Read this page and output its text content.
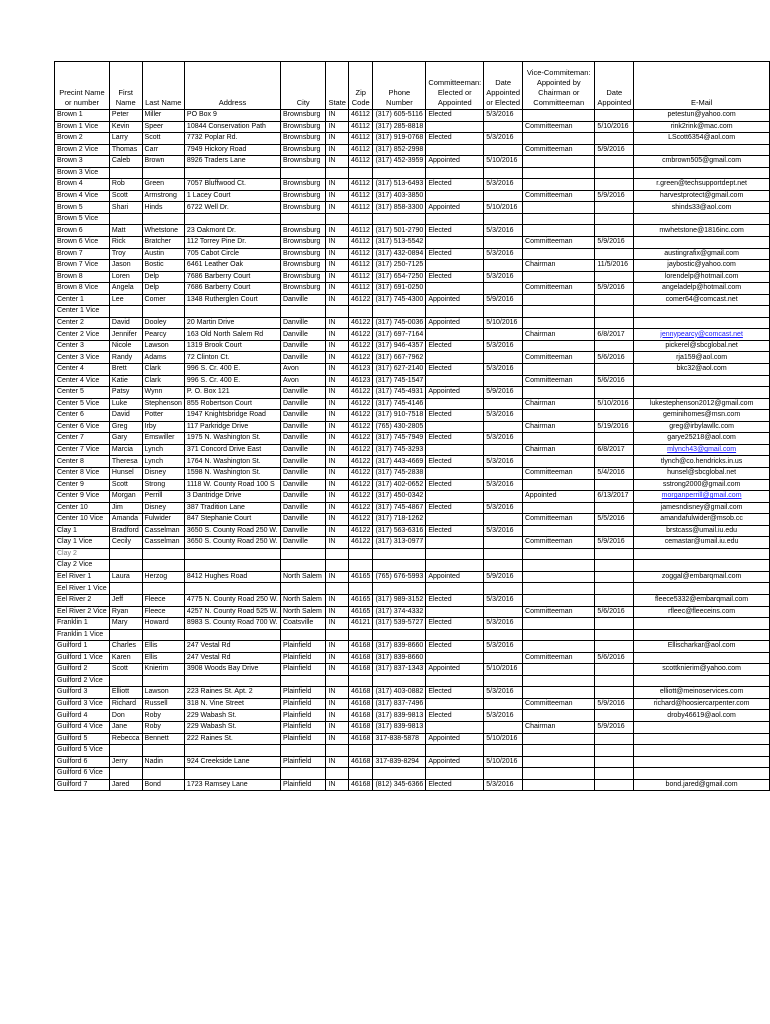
Precint Name or number	First Name	Last Name	Address	City	State	Zip Code	Phone Number	Committeeman: Elected or Appointed	Date Appointed or Elected	Vice-Commiteman: Appointed by Chairman or Committeeman	Date Appointed	E-Mail
Brown 1	Peter	Miller	PO Box 9	Brownsburg	IN	46112	(317) 605-5116	Elected	5/3/2016			petestun@yahoo.com
Brown 1 Vice	Kevin	Speer	10844 Conservation Path	Brownsburg	IN	46112	(317) 285-8818			Committeeman	5/10/2016	rink2rink@mac.com
Brown 2	Larry	Scott	7732 Poplar Rd.	Brownsburg	IN	46112	(317) 919-0768	Elected	5/3/2016			LScott6354@aol.com
Brown 2 Vice	Thomas	Carr	7949 Hickory Road	Brownsburg	IN	46112	(317) 852-2998			Committeeman	5/9/2016	
Brown 3	Caleb	Brown	8926 Traders Lane	Brownsburg	IN	46112	(317) 452-3959	Appointed	5/10/2016			cmbrown505@gmail.com
Brown 3 Vice												
Brown 4	Rob	Green	7057 Bluffwood Ct.	Brownsburg	IN	46112	(317) 513-6493	Elected	5/3/2016			r.green@techsupportdept.net
Brown 4 Vice	Scott	Armstrong	1 Lacey Court	Brownsburg	IN	46112	(317) 403-3850			Committeeman	5/9/2016	harvestprotect@gmail.com
Brown 5	Shari	Hinds	6722 Well Dr.	Brownsburg	IN	46112	(317) 858-3300	Appointed	5/10/2016			shinds33@aol.com
Brown 5 Vice												
Brown 6	Matt	Whetstone	23 Oakmont Dr.	Brownsburg	IN	46112	(317) 501-2790	Elected	5/3/2016			mwhetstone@1816inc.com
Brown 6 Vice	Rick	Bratcher	112 Torrey Pine Dr.	Brownsburg	IN	46112	(317) 513-5542			Committeeman	5/9/2016	
Brown 7	Troy	Austin	705 Cabot Circle	Brownsburg	IN	46112	(317) 432-0894	Elected	5/3/2016			austingrafix@gmail.com
Brown 7 Vice	Jason	Bostic	6461 Leather Oak	Brownsburg	IN	46112	(317) 250-7125			Chairman	11/5/2016	jaybostic@yahoo.com
Brown 8	Loren	Delp	7686 Barberry Court	Brownsburg	IN	46112	(317) 654-7250	Elected	5/3/2016			lorendelp@hotmail.com
Brown 8 Vice	Angela	Delp	7686 Barberry Court	Brownsburg	IN	46112	(317) 691-0250			Committeeman	5/9/2016	angeladelp@hotmail.com
Center 1	Lee	Comer	1348 Rutherglen Court	Danville	IN	46122	(317) 745-4300	Appointed	5/9/2016			comer64@comcast.net
Center 1 Vice												
Center 2	David	Dooley	20 Martin Drive	Danville	IN	46122	(317) 745-0036	Appointed	5/10/2016			
Center 2 Vice	Jennifer	Pearcy	163 Old North Salem Rd	Danville	IN	46122	(317) 697-7164			Chairman	6/8/2017	jennypearcy@comcast.net
Center 3	Nicole	Lawson	1319 Brook Court	Danville	IN	46122	(317) 946-4357	Elected	5/3/2016			pickerel@sbcglobal.net
Center 3 Vice	Randy	Adams	72 Clinton Ct.	Danville	IN	46122	(317) 667-7962			Committeeman	5/6/2016	rja159@aol.com
Center 4	Brett	Clark	996 S. Cr. 400 E.	Avon	IN	46123	(317) 627-2140	Elected	5/3/2016			bkc32@aol.com
Center 4 Vice	Katie	Clark	996 S. Cr. 400 E.	Avon	IN	46123	(317) 745-1547			Committeeman	5/6/2016	
Center 5	Patsy	Wynn	P. O. Box 121	Danville	IN	46122	(317) 745-4931	Appointed	5/9/2016			
Center 5 Vice	Luke	Stephenson	855 Robertson Court	Danville	IN	46122	(317) 745-4146			Chairman	5/10/2016	lukestephenson2012@gmail.com
Center 6	David	Potter	1947 Knightsbridge Road	Danville	IN	46122	(317) 910-7518	Elected	5/3/2016			geminihomes@msn.com
Center 6 Vice	Greg	Irby	117 Parkridge Drive	Danville	IN	46122	(765) 430-2805			Chairman	5/19/2016	greg@irbylawllc.com
Center 7	Gary	Emswiller	1975 N. Washington St.	Danville	IN	46122	(317) 745-7949	Elected	5/3/2016			garye25218@aol.com
Center 7 Vice	Marcia	Lynch	371 Concord Drive East	Danville	IN	46122	(317) 745-3293			Chairman	6/8/2017	mlynch43@gmail.com
Center 8	Theresa	Lynch	1764 N. Washington St.	Danville	IN	46122	(317) 443-4669	Elected	5/3/2016			tlynch@co.hendricks.in.us
Center 8 Vice	Hunsel	Disney	1598 N. Washington St.	Danville	IN	46122	(317) 745-2838			Committeeman	5/4/2016	hunsel@sbcglobal.net
Center 9	Scott	Strong	1118 W. County Road 100 S	Danville	IN	46122	(317) 402-0652	Elected	5/3/2016			sstrong2000@gmail.com
Center 9 Vice	Morgan	Perrill	3 Dantridge Drive	Danville	IN	46122	(317) 450-0342			Appointed	6/13/2017	morganperrill@gmail.com
Center 10	Jim	Disney	387 Tradition Lane	Danville	IN	46122	(317) 745-4867	Elected	5/3/2016			jamesndisney@gmail.com
Center 10 Vice	Amanda	Fulwider	847 Stephanie Court	Danville	IN	46122	(317) 718-1262			Committeeman	5/5/2016	amandafulwider@msob.cc
Clay 1	Bradford	Casselman	3650 S. County Road 250 W.	Danville	IN	46122	(317) 563-6316	Elected	5/3/2016			brstcass@umail.iu.edu
Clay 1 Vice	Cecily	Casselman	3650 S. County Road 250 W.	Danville	IN	46122	(317) 313-0977			Committeeman	5/9/2016	cemastar@umail.iu.edu
Clay 2												
Clay 2 Vice												
Eel River 1	Laura	Herzog	8412 Hughes Road	North Salem	IN	46165	(765) 676-5993	Appointed	5/9/2016			zoggal@embarqmail.com
Eel River 1 Vice												
Eel River 2	Jeff	Fleece	4775 N. County Road 250 W.	North Salem	IN	46165	(317) 989-3152	Elected	5/3/2016			fleece5332@embarqmail.com
Eel River 2 Vice	Ryan	Fleece	4257 N. County Road 525 W.	North Salem	IN	46165	(317) 374-4332			Committeeman	5/6/2016	rfleec@fleeceins.com
Franklin 1	Mary	Howard	8983 S. County Road 700 W.	Coatsville	IN	46121	(317) 539-5727	Elected	5/3/2016			
Franklin 1 Vice												
Guilford 1	Charles	Ellis	247 Vestal Rd	Plainfield	IN	46168	(317) 839-8660	Elected	5/3/2016			Ellischarkar@aol.com
Guilford 1 Vice	Karen	Ellis	247 Vestal Rd	Plainfield	IN	46168	(317) 839-8660			Committeeman	5/6/2016	
Guilford 2	Scott	Knierim	3908 Woods Bay Drive	Plainfield	IN	46168	(317) 837-1343	Appointed	5/10/2016			scottknierim@yahoo.com
Guilford 2 Vice												
Guilford 3	Elliott	Lawson	223 Raines St. Apt. 2	Plainfield	IN	46168	(317) 403-0882	Elected	5/3/2016			elliott@meinoservices.com
Guilford 3 Vice	Richard	Russell	318 N. Vine Street	Plainfield	IN	46168	(317) 837-7496			Committeeman	5/9/2016	richard@hoosiercarpenter.com
Guilford 4	Don	Roby	229 Wabash St.	Plainfield	IN	46168	(317) 839-9813	Elected	5/3/2016			droby46619@aol.com
Guilford 4 Vice	Jane	Roby	229 Wabash St.	Plainfield	IN	46168	(317) 839-9813			Chairman	5/9/2016	
Guilford 5	Rebecca	Bennett	222 Raines St.	Plainfield	IN	46168	317-838-5878	Appointed	5/10/2016			
Guilford 5 Vice												
Guilford 6	Jerry	Nadin	924 Creekside Lane	Plainfield	IN	46168	317-839-8294	Appointed	5/10/2016			
Guilford 6 Vice												
Guilford 7	Jared	Bond	1723 Ramsey Lane	Plainfield	IN	46168	(812) 345-6366	Elected	5/3/2016			bond.jared@gmail.com
